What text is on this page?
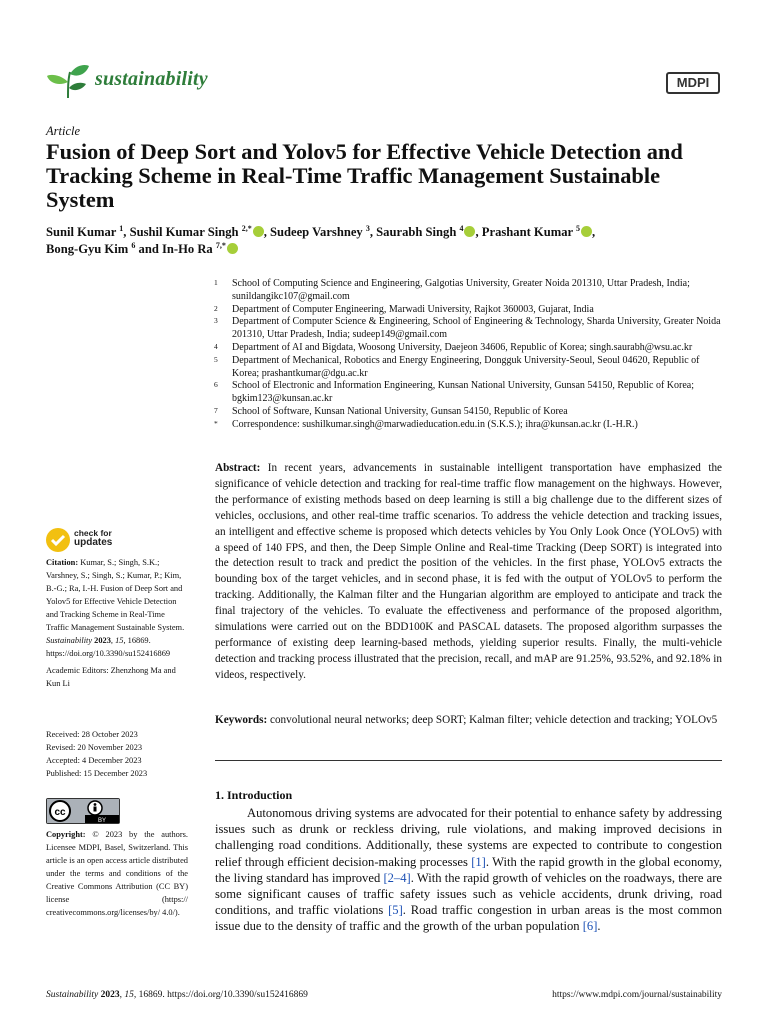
sustainability	MDPI
Article
Fusion of Deep Sort and Yolov5 for Effective Vehicle Detection and Tracking Scheme in Real-Time Traffic Management Sustainable System
Sunil Kumar $^1$, Sushil Kumar Singh $^{2,*}$ , Sudeep Varshney $^3$, Saurabh Singh $^4$ , Prashant Kumar $^5$ ,
Bong-Gyu Kim $^6$ and In-Ho Ra $^{7,*}$
1 School of Computing Science and Engineering, Galgotias University, Greater Noida 201310, Uttar Pradesh, India; sunildangikc107@gmail.com
2 Department of Computer Engineering, Marwadi University, Rajkot 360003, Gujarat, India
3 Department of Computer Science & Engineering, School of Engineering & Technology, Sharda University, Greater Noida 201310, Uttar Pradesh, India; sudeep149@gmail.com
4 Department of AI and Bigdata, Woosong University, Daejeon 34606, Republic of Korea; singh.saurabh@wsu.ac.kr
5 Department of Mechanical, Robotics and Energy Engineering, Dongguk University-Seoul, Seoul 04620, Republic of Korea; prashantkumar@dgu.ac.kr
6 School of Electronic and Information Engineering, Kunsan National University, Gunsan 54150, Republic of Korea; bgkim123@kunsan.ac.kr
7 School of Software, Kunsan National University, Gunsan 54150, Republic of Korea
* Correspondence: sushilkumar.singh@marwadieducation.edu.in (S.K.S.); ihra@kunsan.ac.kr (I.-H.R.)
check for
updates
Citation: Kumar, S.; Singh, S.K.; Varshney, S.; Singh, S.; Kumar, P.; Kim, B.-G.; Ra, I.-H. Fusion of Deep Sort and Yolov5 for Effective Vehicle Detection and Tracking Scheme in Real-Time Traffic Management Sustainable System. Sustainability 2023, 15, 16869. https://doi.org/10.3390/su152416869
Academic Editors: Zhenzhong Ma and Kun Li
Received: 28 October 2023
Revised: 20 November 2023
Accepted: 4 December 2023
Published: 15 December 2023
cc
BY
Copyright: © 2023 by the authors. Licensee MDPI, Basel, Switzerland. This article is an open access article distributed under the terms and conditions of the Creative Commons Attribution (CC BY) license (https:// creativecommons.org/licenses/by/ 4.0/).
Abstract: In recent years, advancements in sustainable intelligent transportation have emphasized the significance of vehicle detection and tracking for real-time traffic flow management on the highways. However, the performance of existing methods based on deep learning is still a big challenge due to the different sizes of vehicles, occlusions, and other real-time traffic scenarios. To address the vehicle detection and tracking issues, an intelligent and effective scheme is proposed which detects vehicles by You Only Look Once (YOLOv5) with a speed of 140 FPS, and then, the Deep Simple Online and Real-time Tracking (Deep SORT) is integrated into the detection result to track and predict the position of the vehicles. In the first phase, YOLOv5 extracts the bounding box of the target vehicles, and in second phase, it is fed with the output of YOLOv5 to perform the tracking. Additionally, the Kalman filter and the Hungarian algorithm are employed to anticipate and track the final trajectory of the vehicles. To evaluate the effectiveness and performance of the proposed algorithm, simulations were carried out on the BDD100K and PASCAL datasets. The proposed algorithm surpasses the performance of existing deep learning-based methods, yielding superior results. Finally, the multi-vehicle detection and tracking process illustrated that the precision, recall, and mAP are 91.25%, 93.52%, and 92.18% in videos, respectively.
Keywords: convolutional neural networks; deep SORT; Kalman filter; vehicle detection and tracking; YOLOv5
1. Introduction
Autonomous driving systems are advocated for their potential to enhance safety by addressing issues such as drunk or reckless driving, rule violations, and making improved decisions in challenging road conditions. Additionally, these systems are expected to contribute to congestion relief through efficient decision-making processes [1]. With the rapid growth in the global economy, the living standard has improved [2–4]. With the rapid growth of vehicles on the roadways, there are some significant causes of traffic safety issues such as vehicle accidents, drunk driving, road conditions, and traffic violations [5]. Road traffic congestion in urban areas is the most common issue due to the density of traffic and the growth of the urban population [6].
Sustainability 2023, 15, 16869. https://doi.org/10.3390/su152416869	https://www.mdpi.com/journal/sustainability
